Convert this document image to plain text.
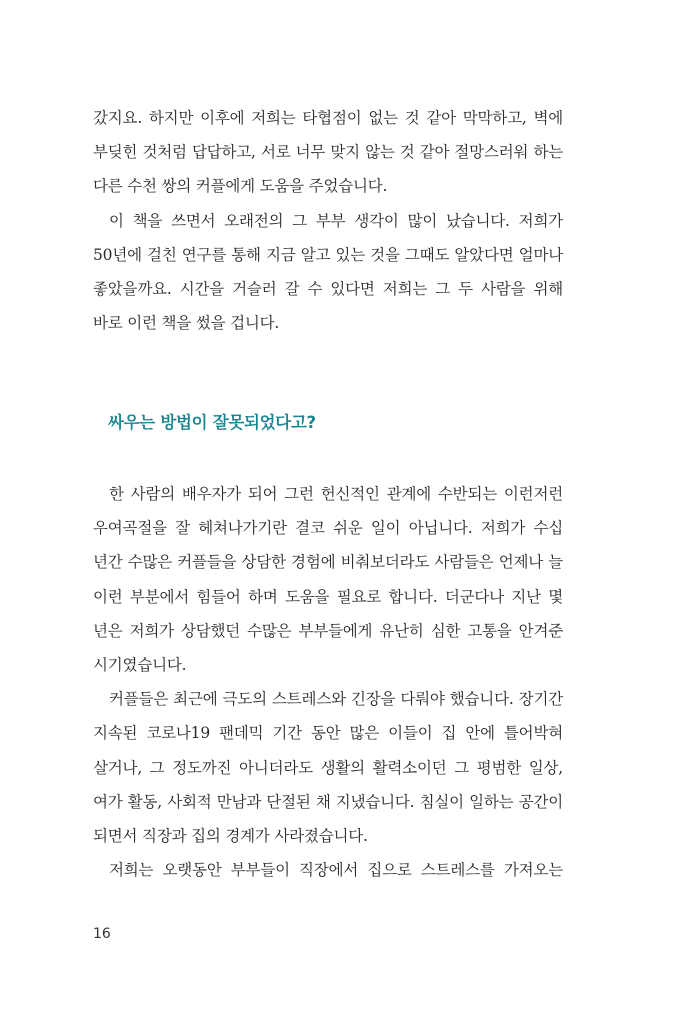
갔지요. 하지만 이후에 저희는 타협점이 없는 것 같아 막막하고, 벽에 부딪힌 것처럼 답답하고, 서로 너무 맞지 않는 것 같아 절망스러워 하는 다른 수천 쌍의 커플에게 도움을 주었습니다.

이 책을 쓰면서 오래전의 그 부부 생각이 많이 났습니다. 저희가 50년에 걸친 연구를 통해 지금 알고 있는 것을 그때도 알았다면 얼마나 좋았을까요. 시간을 거슬러 갈 수 있다면 저희는 그 두 사람을 위해 바로 이런 책을 썼을 겁니다.

싸우는 방법이 잘못되었다고?

한 사람의 배우자가 되어 그런 헌신적인 관계에 수반되는 이런저런 우여곡절을 잘 헤쳐나가기란 결코 쉬운 일이 아닙니다. 저희가 수십 년간 수많은 커플들을 상담한 경험에 비춰보더라도 사람들은 언제나 늘 이런 부분에서 힘들어 하며 도움을 필요로 합니다. 더군다나 지난 몇 년은 저희가 상담했던 수많은 부부들에게 유난히 심한 고통을 안겨준 시기였습니다.

커플들은 최근에 극도의 스트레스와 긴장을 다뤄야 했습니다. 장기간 지속된 코로나19 팬데믹 기간 동안 많은 이들이 집 안에 틀어박혀 살거나, 그 정도까진 아니더라도 생활의 활력소이던 그 평범한 일상, 여가 활동, 사회적 만남과 단절된 채 지냈습니다. 침실이 일하는 공간이 되면서 직장과 집의 경계가 사라졌습니다.

저희는 오랫동안 부부들이 직장에서 집으로 스트레스를 가져오는

16
